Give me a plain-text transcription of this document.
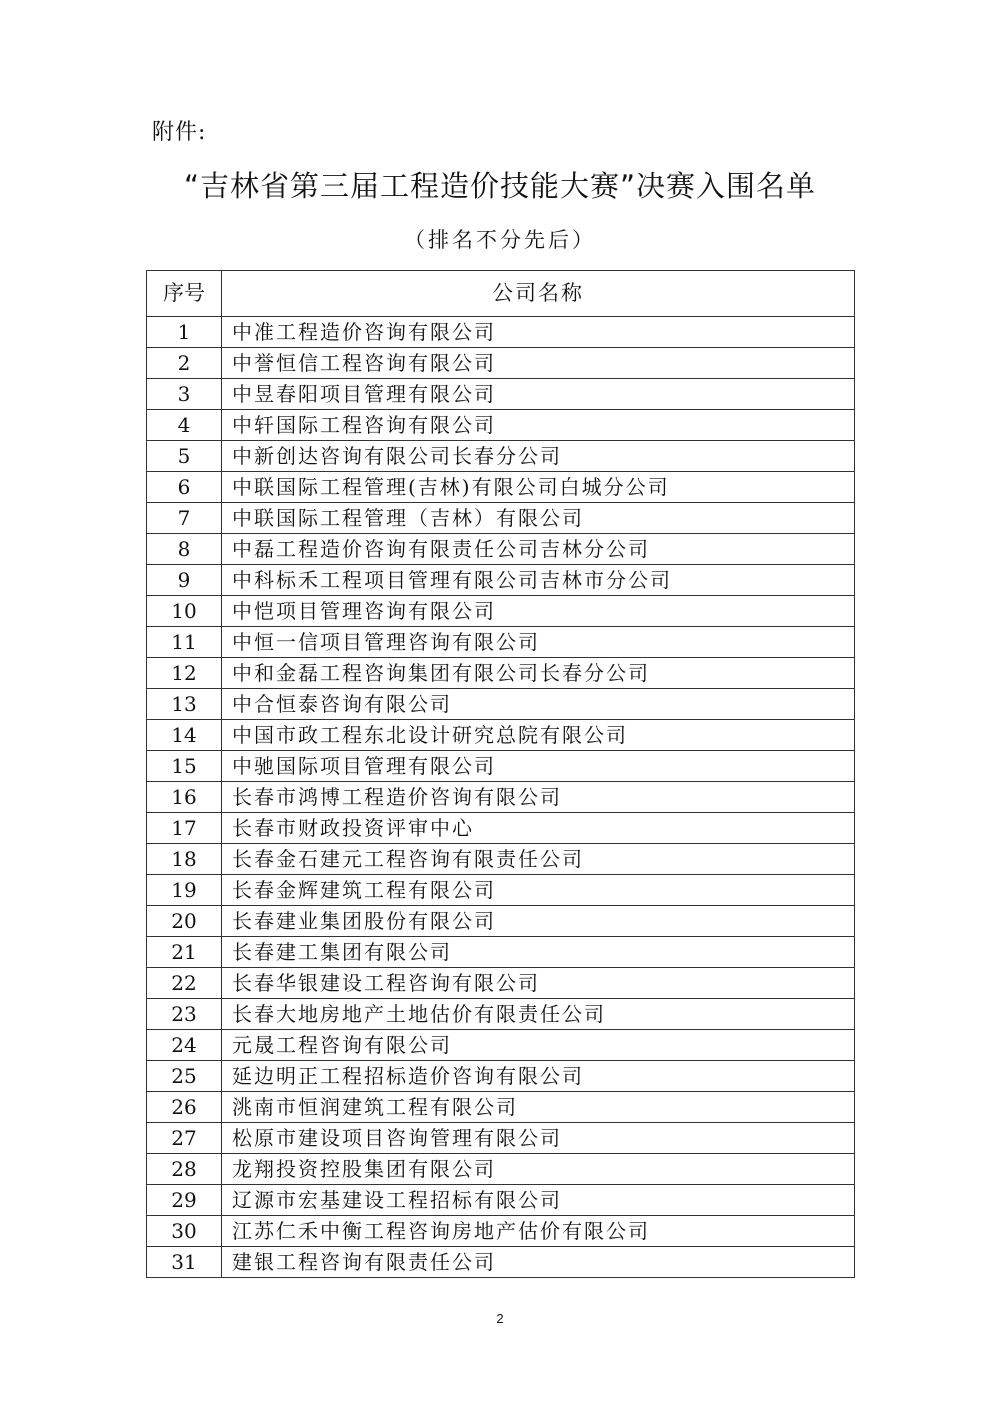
附件:
“吉林省第三届工程造价技能大赛”决赛入围名单
（排名不分先后）
序号	公司名称
1	中准工程造价咨询有限公司
2	中誉恒信工程咨询有限公司
3	中昱春阳项目管理有限公司
4	中轩国际工程咨询有限公司
5	中新创达咨询有限公司长春分公司
6	中联国际工程管理(吉林)有限公司白城分公司
7	中联国际工程管理（吉林）有限公司
8	中磊工程造价咨询有限责任公司吉林分公司
9	中科标禾工程项目管理有限公司吉林市分公司
10	中恺项目管理咨询有限公司
11	中恒一信项目管理咨询有限公司
12	中和金磊工程咨询集团有限公司长春分公司
13	中合恒泰咨询有限公司
14	中国市政工程东北设计研究总院有限公司
15	中驰国际项目管理有限公司
16	长春市鸿博工程造价咨询有限公司
17	长春市财政投资评审中心
18	长春金石建元工程咨询有限责任公司
19	长春金辉建筑工程有限公司
20	长春建业集团股份有限公司
21	长春建工集团有限公司
22	长春华银建设工程咨询有限公司
23	长春大地房地产土地估价有限责任公司
24	元晟工程咨询有限公司
25	延边明正工程招标造价咨询有限公司
26	洮南市恒润建筑工程有限公司
27	松原市建设项目咨询管理有限公司
28	龙翔投资控股集团有限公司
29	辽源市宏基建设工程招标有限公司
30	江苏仁禾中衡工程咨询房地产估价有限公司
31	建银工程咨询有限责任公司
2
